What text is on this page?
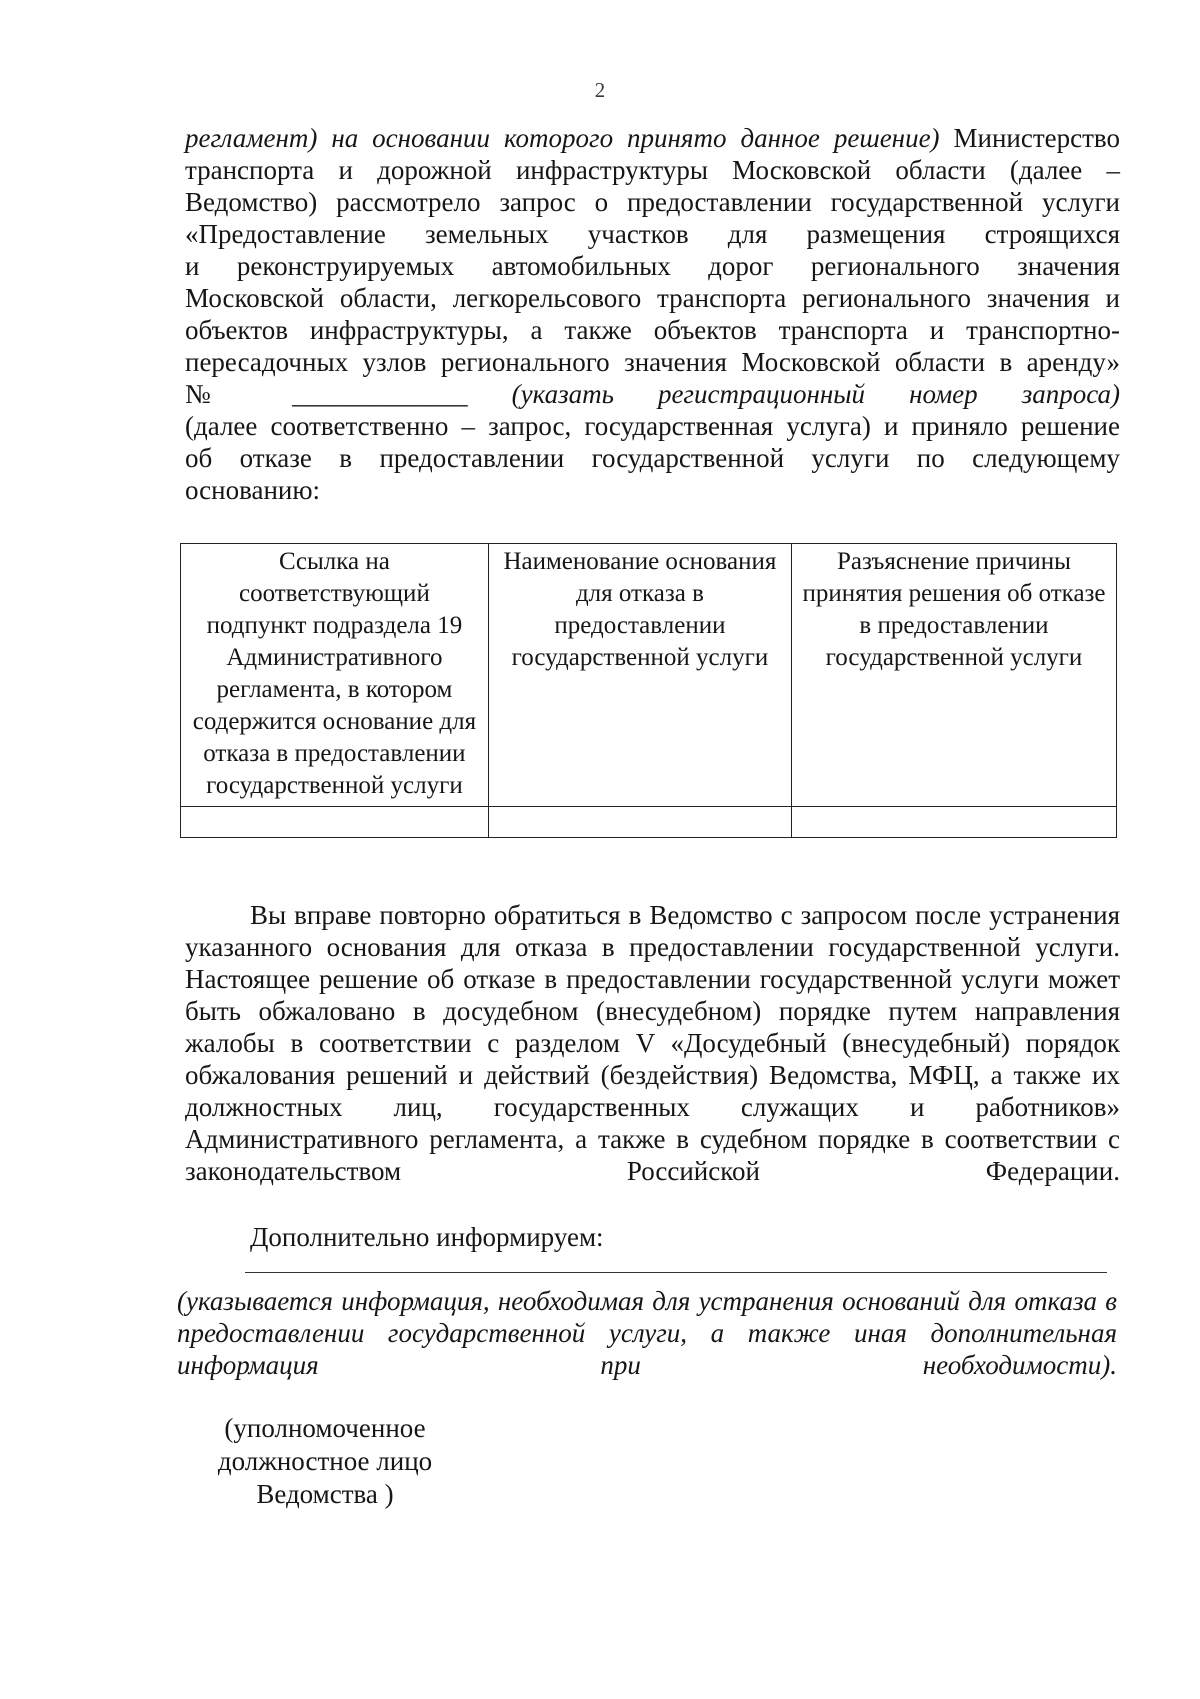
2
регламент) на основании которого принято данное решение) Министерство
транспорта и дорожной инфраструктуры Московской области (далее –
Ведомство) рассмотрело запрос о предоставлении государственной услуги
«Предоставление земельных участков для размещения строящихся
и реконструируемых автомобильных дорог регионального значения
Московской области, легкорельсового транспорта регионального значения и
объектов инфраструктуры, а также объектов транспорта и транспортно-
пересадочных узлов регионального значения Московской области в аренду»
№ _____________ (указать регистрационный номер запроса)
(далее соответственно – запрос, государственная услуга) и приняло решение
об отказе в предоставлении государственной услуги по следующему
основанию:
Ссылка на соответствующий подпункт подраздела 19 Административного регламента, в котором содержится основание для отказа в предоставлении государственной услуги	Наименование основания для отказа в предоставлении государственной услуги	Разъяснение причины принятия решения об отказе в предоставлении государственной услуги

Вы вправе повторно обратиться в Ведомство с запросом после устранения указанного основания для отказа в предоставлении государственной услуги. Настоящее решение об отказе в предоставлении государственной услуги может быть обжаловано в досудебном (внесудебном) порядке путем направления жалобы в соответствии с разделом V «Досудебный (внесудебный) порядок обжалования решений и действий (бездействия) Ведомства, МФЦ, а также их должностных лиц, государственных служащих и работников» Административного регламента, а также в судебном порядке в соответствии с законодательством Российской Федерации.
Дополнительно информируем:
(указывается информация, необходимая для устранения оснований для отказа в предоставлении государственной услуги, а также иная дополнительная информация при необходимости).
(уполномоченное
должностное лицо
Ведомства )
